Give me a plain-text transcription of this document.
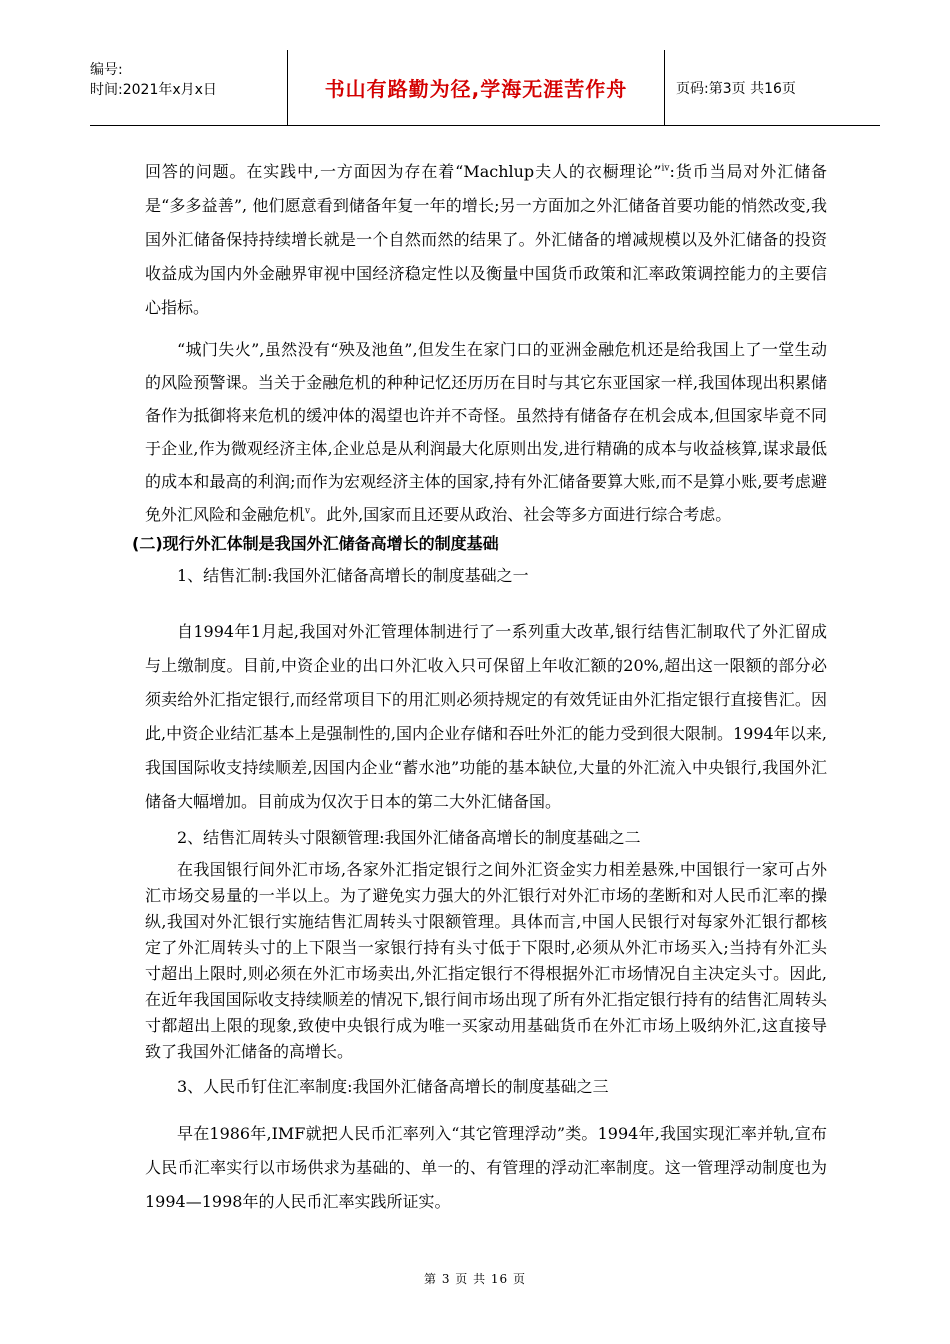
编号:
时间:2021年x月x日	书山有路勤为径,学海无涯苦作舟	页码:第3页 共16页

回答的问题。在实践中,一方面因为存在着“Machlup夫人的衣橱理论”$^{iv}$:货币当局对外汇储备是“多多益善”, 他们愿意看到储备年复一年的增长;另一方面加之外汇储备首要功能的悄然改变,我国外汇储备保持持续增长就是一个自然而然的结果了。外汇储备的增减规模以及外汇储备的投资收益成为国内外金融界审视中国经济稳定性以及衡量中国货币政策和汇率政策调控能力的主要信心指标。

“城门失火”,虽然没有“殃及池鱼”,但发生在家门口的亚洲金融危机还是给我国上了一堂生动的风险预警课。当关于金融危机的种种记忆还历历在目时与其它东亚国家一样,我国体现出积累储备作为抵御将来危机的缓冲体的渴望也许并不奇怪。虽然持有储备存在机会成本,但国家毕竟不同于企业,作为微观经济主体,企业总是从利润最大化原则出发,进行精确的成本与收益核算,谋求最低的成本和最高的利润;而作为宏观经济主体的国家,持有外汇储备要算大账,而不是算小账,要考虑避免外汇风险和金融危机$^v$。此外,国家而且还要从政治、社会等多方面进行综合考虑。

(二)现行外汇体制是我国外汇储备高增长的制度基础

1、结售汇制:我国外汇储备高增长的制度基础之一

自1994年1月起,我国对外汇管理体制进行了一系列重大改革,银行结售汇制取代了外汇留成与上缴制度。目前,中资企业的出口外汇收入只可保留上年收汇额的20%,超出这一限额的部分必须卖给外汇指定银行,而经常项目下的用汇则必须持规定的有效凭证由外汇指定银行直接售汇。因此,中资企业结汇基本上是强制性的,国内企业存储和吞吐外汇的能力受到很大限制。1994年以来,我国国际收支持续顺差,因国内企业“蓄水池”功能的基本缺位,大量的外汇流入中央银行,我国外汇储备大幅增加。目前成为仅次于日本的第二大外汇储备国。

2、结售汇周转头寸限额管理:我国外汇储备高增长的制度基础之二

在我国银行间外汇市场,各家外汇指定银行之间外汇资金实力相差悬殊,中国银行一家可占外汇市场交易量的一半以上。为了避免实力强大的外汇银行对外汇市场的垄断和对人民币汇率的操纵,我国对外汇银行实施结售汇周转头寸限额管理。具体而言,中国人民银行对每家外汇银行都核定了外汇周转头寸的上下限当一家银行持有头寸低于下限时,必须从外汇市场买入;当持有外汇头寸超出上限时,则必须在外汇市场卖出,外汇指定银行不得根据外汇市场情况自主决定头寸。因此,在近年我国国际收支持续顺差的情况下,银行间市场出现了所有外汇指定银行持有的结售汇周转头寸都超出上限的现象,致使中央银行成为唯一买家动用基础货币在外汇市场上吸纳外汇,这直接导致了我国外汇储备的高增长。

3、人民币钉住汇率制度:我国外汇储备高增长的制度基础之三

早在1986年,IMF就把人民币汇率列入“其它管理浮动”类。1994年,我国实现汇率并轨,宣布人民币汇率实行以市场供求为基础的、单一的、有管理的浮动汇率制度。这一管理浮动制度也为1994—1998年的人民币汇率实践所证实。

第 3 页 共 16 页
